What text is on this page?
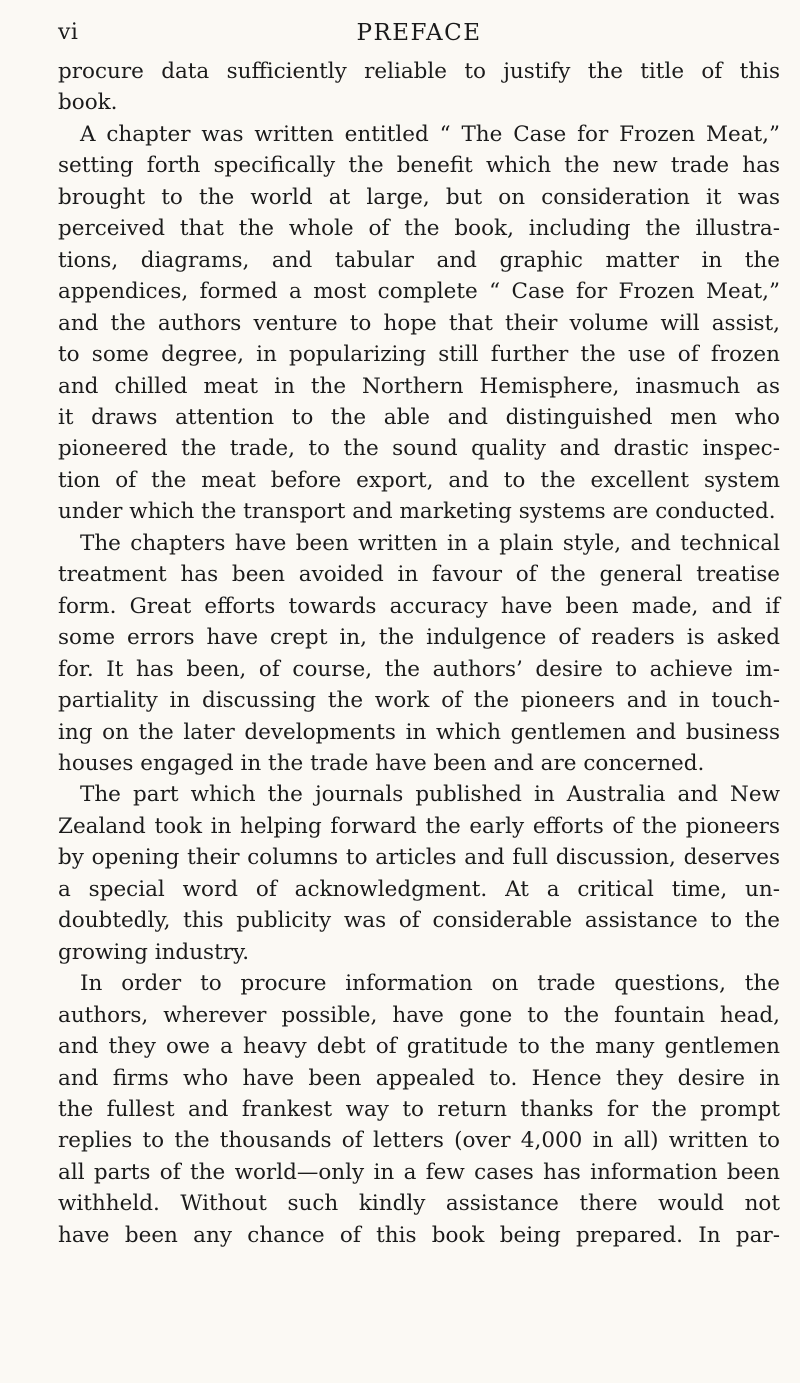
vi	PREFACE

procure data sufficiently reliable to justify the title of this
book.

A chapter was written entitled “ The Case for Frozen Meat,”
setting forth specifically the benefit which the new trade has
brought to the world at large, but on consideration it was
perceived that the whole of the book, including the illustra-
tions, diagrams, and tabular and graphic matter in the
appendices, formed a most complete “ Case for Frozen Meat,”
and the authors venture to hope that their volume will assist,
to some degree, in popularizing still further the use of frozen
and chilled meat in the Northern Hemisphere, inasmuch as
it draws attention to the able and distinguished men who
pioneered the trade, to the sound quality and drastic inspec-
tion of the meat before export, and to the excellent system
under which the transport and marketing systems are conducted.

The chapters have been written in a plain style, and technical
treatment has been avoided in favour of the general treatise
form. Great efforts towards accuracy have been made, and if
some errors have crept in, the indulgence of readers is asked
for. It has been, of course, the authors’ desire to achieve im-
partiality in discussing the work of the pioneers and in touch-
ing on the later developments in which gentlemen and business
houses engaged in the trade have been and are concerned.

The part which the journals published in Australia and New
Zealand took in helping forward the early efforts of the pioneers
by opening their columns to articles and full discussion, deserves
a special word of acknowledgment. At a critical time, un-
doubtedly, this publicity was of considerable assistance to the
growing industry.

In order to procure information on trade questions, the
authors, wherever possible, have gone to the fountain head,
and they owe a heavy debt of gratitude to the many gentlemen
and firms who have been appealed to. Hence they desire in
the fullest and frankest way to return thanks for the prompt
replies to the thousands of letters (over 4,000 in all) written to
all parts of the world—only in a few cases has information been
withheld. Without such kindly assistance there would not
have been any chance of this book being prepared. In par-
